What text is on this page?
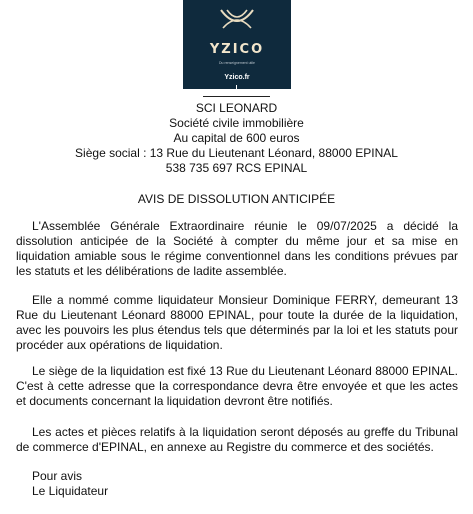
YZICO
Du renseignement utile
Yzico.fr
SCI LEONARD
Société civile immobilière
Au capital de 600 euros
Siège social : 13 Rue du Lieutenant Léonard, 88000 EPINAL
538 735 697 RCS EPINAL
AVIS DE DISSOLUTION ANTICIPÉE

L'Assemblée Générale Extraordinaire réunie le 09/07/2025 a décidé la dissolution anticipée de la Société à compter du même jour et sa mise en liquidation amiable sous le régime conventionnel dans les conditions prévues par les statuts et les délibérations de ladite assemblée.

Elle a nommé comme liquidateur Monsieur Dominique FERRY, demeurant 13 Rue du Lieutenant Léonard 88000 EPINAL, pour toute la durée de la liquidation, avec les pouvoirs les plus étendus tels que déterminés par la loi et les statuts pour procéder aux opérations de liquidation.

Le siège de la liquidation est fixé 13 Rue du Lieutenant Léonard 88000 EPINAL. C'est à cette adresse que la correspondance devra être envoyée et que les actes et documents concernant la liquidation devront être notifiés.

Les actes et pièces relatifs à la liquidation seront déposés au greffe du Tribunal de commerce d'EPINAL, en annexe au Registre du commerce et des sociétés.

Pour avis
Le Liquidateur
